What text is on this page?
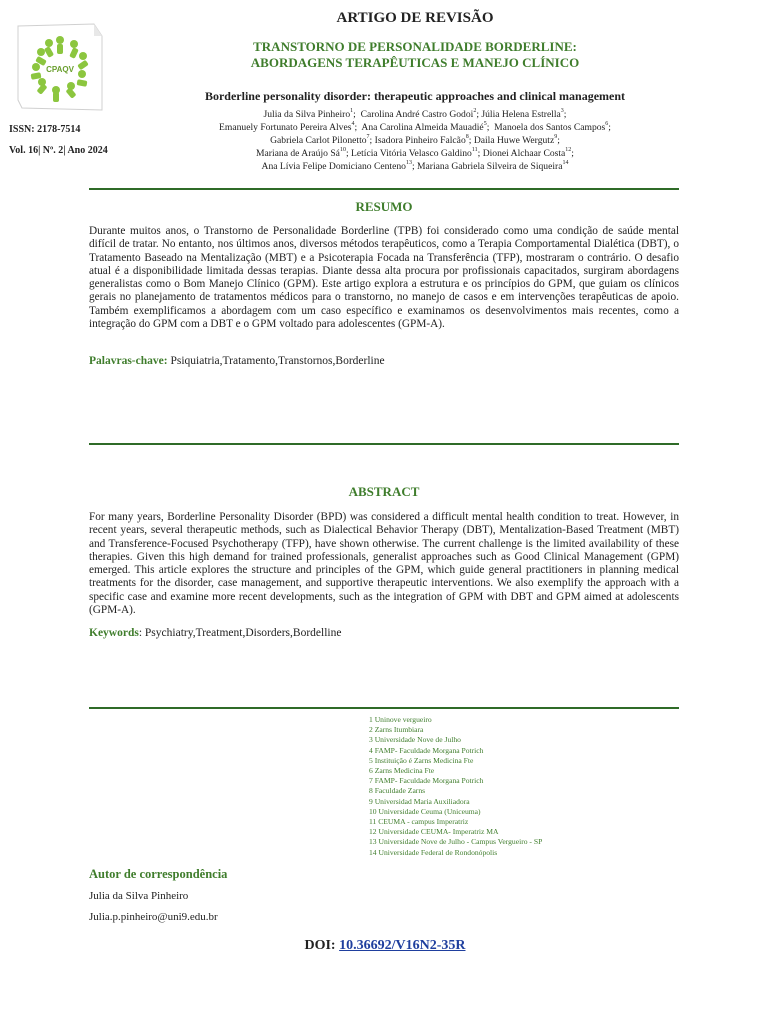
CPAQV
ISSN: 2178-7514
Vol. 16| Nº. 2| Ano 2024
ARTIGO DE REVISÃO
TRANSTORNO DE PERSONALIDADE BORDERLINE:
ABORDAGENS TERAPÊUTICAS E MANEJO CLÍNICO
Borderline personality disorder: therapeutic approaches and clinical management
Julia da Silva Pinheiro$^1$;  Carolina André Castro Godoi$^2$; Júlia Helena Estrella$^3$;
Emanuely Fortunato Pereira Alves$^4$;  Ana Carolina Almeida Mauadié$^5$;  Manoela dos Santos Campos$^6$;
Gabriela Carlot Pilonetto$^7$; Isadora Pinheiro Falcão$^8$; Daila Huwe Wergutz$^9$;
Mariana de Araújo $Sá^{10}$; Letícia Vitória Velasco Galdino$^{11}$; Dionei Alchaar Costa$^{12}$;
Ana Lívia Felipe Domiciano Centeno$^{13}$; Mariana Gabriela Silveira de Siqueira$^{14}$
RESUMO
Durante muitos anos, o Transtorno de Personalidade Borderline (TPB) foi considerado como uma condição de saúde mental difícil de tratar. No entanto, nos últimos anos, diversos métodos terapêuticos, como a Terapia Comportamental Dialética (DBT), o Tratamento Baseado na Mentalização (MBT) e a Psicoterapia Focada na Transferência (TFP), mostraram o contrário. O desafio atual é a disponibilidade limitada dessas terapias. Diante dessa alta procura por profissionais capacitados, surgiram abordagens generalistas como o Bom Manejo Clínico (GPM). Este artigo explora a estrutura e os princípios do GPM, que guiam os clínicos gerais no planejamento de tratamentos médicos para o transtorno, no manejo de casos e em intervenções terapêuticas de apoio. Também exemplificamos a abordagem com um caso específico e examinamos os desenvolvimentos mais recentes, como a integração do GPM com a DBT e o GPM voltado para adolescentes (GPM-A).
Palavras-chave: Psiquiatria,Tratamento,Transtornos,Borderline
ABSTRACT
For many years, Borderline Personality Disorder (BPD) was considered a difficult mental health condition to treat. However, in recent years, several therapeutic methods, such as Dialectical Behavior Therapy (DBT), Mentalization-Based Treatment (MBT) and Transference-Focused Psychotherapy (TFP), have shown otherwise. The current challenge is the limited availability of these therapies. Given this high demand for trained professionals, generalist approaches such as Good Clinical Management (GPM) emerged. This article explores the structure and principles of the GPM, which guide general practitioners in planning medical treatments for the disorder, case management, and supportive therapeutic interventions. We also exemplify the approach with a specific case and examine more recent developments, such as the integration of GPM with DBT and GPM aimed at adolescents (GPM-A).
Keywords: Psychiatry,Treatment,Disorders,Bordelline
1 Uninove vergueiro
2 Zarns Itumbiara
3 Universidade Nove de Julho
4 FAMP- Faculdade Morgana Potrich
5 Instituição é Zarns Medicina Fte
6 Zarns Medicina Fte
7 FAMP- Faculdade Morgana Potrich
8 Faculdade Zarns
9 Universidad Maria Auxiliadora
10 Universidade Ceuma (Uniceuma)
11 CEUMA - campus Imperatriz
12 Universidade CEUMA- Imperatriz MA
13 Universidade Nove de Julho - Campus Vergueiro - SP
14 Universidade Federal de Rondonópolis
Autor de correspondência
Julia da Silva Pinheiro
Julia.p.pinheiro@uni9.edu.br
DOI: 10.36692/V16N2-35R
